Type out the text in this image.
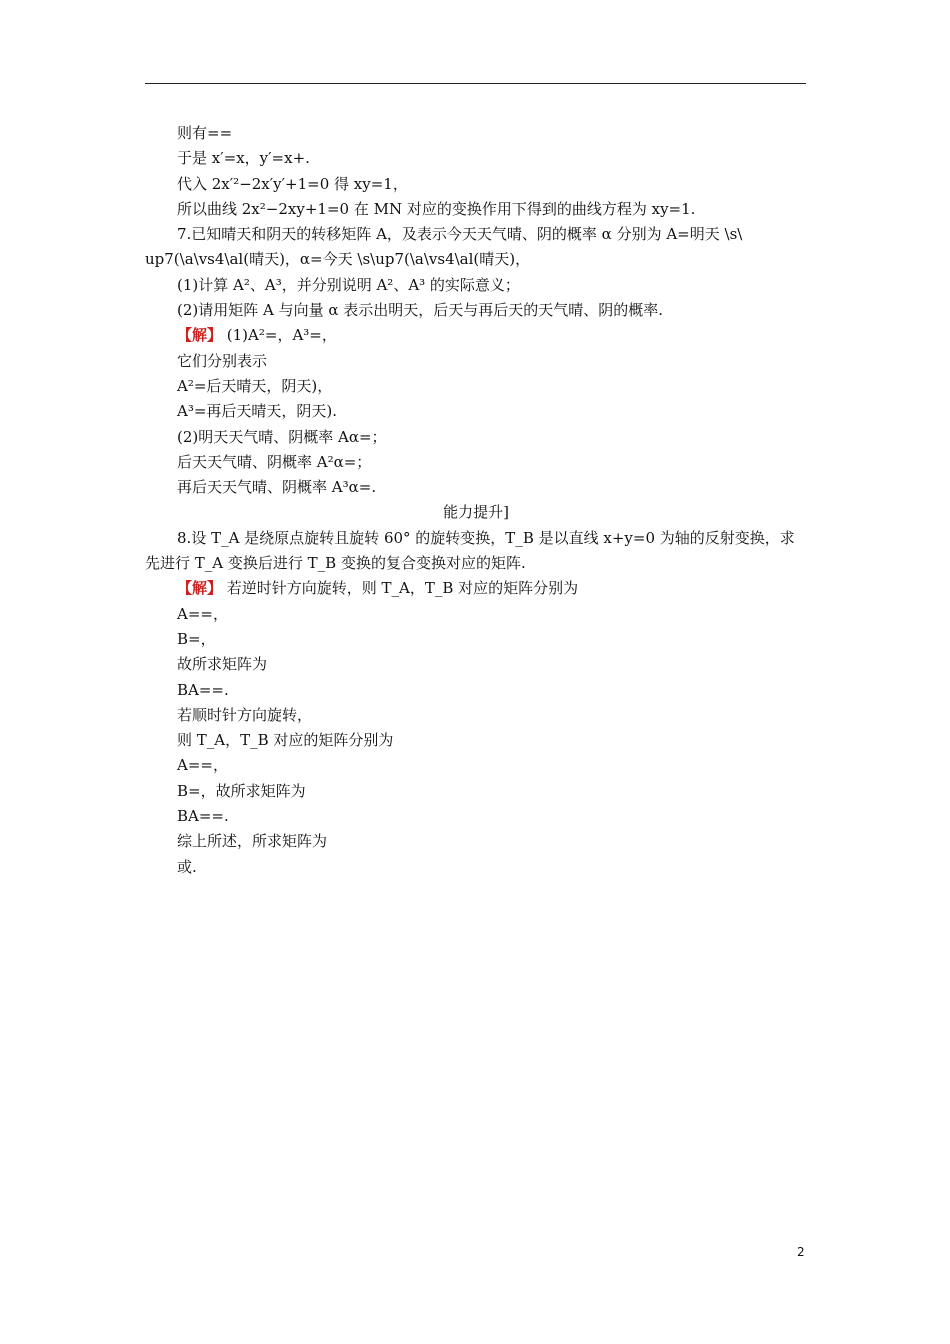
则有==
于是 x′=x，y′=x+.
代入 2x′²−2x′y′+1=0 得 xy=1，
所以曲线 2x²−2xy+1=0 在 MN 对应的变换作用下得到的曲线方程为 xy=1.
7.已知晴天和阴天的转移矩阵 A，及表示今天天气晴、阴的概率 α 分别为 A=明天 \s\
up7(\a\vs4\al(晴天)，α=今天 \s\up7(\a\vs4\al(晴天)，
(1)计算 A²、A³，并分别说明 A²、A³ 的实际意义；
(2)请用矩阵 A 与向量 α 表示出明天，后天与再后天的天气晴、阴的概率.
【解】 (1)A²=，A³=，
它们分别表示
A²=后天晴天，阴天)，
A³=再后天晴天，阴天).
(2)明天天气晴、阴概率 Aα=；
后天天气晴、阴概率 A²α=；
再后天天气晴、阴概率 A³α=.
能力提升]
8.设 T_A 是绕原点旋转且旋转 60° 的旋转变换，T_B 是以直线 x+y=0 为轴的反射变换，求
先进行 T_A 变换后进行 T_B 变换的复合变换对应的矩阵.
【解】 若逆时针方向旋转，则 T_A，T_B 对应的矩阵分别为
A==，
B=，
故所求矩阵为
BA==.
若顺时针方向旋转，
则 T_A，T_B 对应的矩阵分别为
A==，
B=，故所求矩阵为
BA==.
综上所述，所求矩阵为
或.
2
